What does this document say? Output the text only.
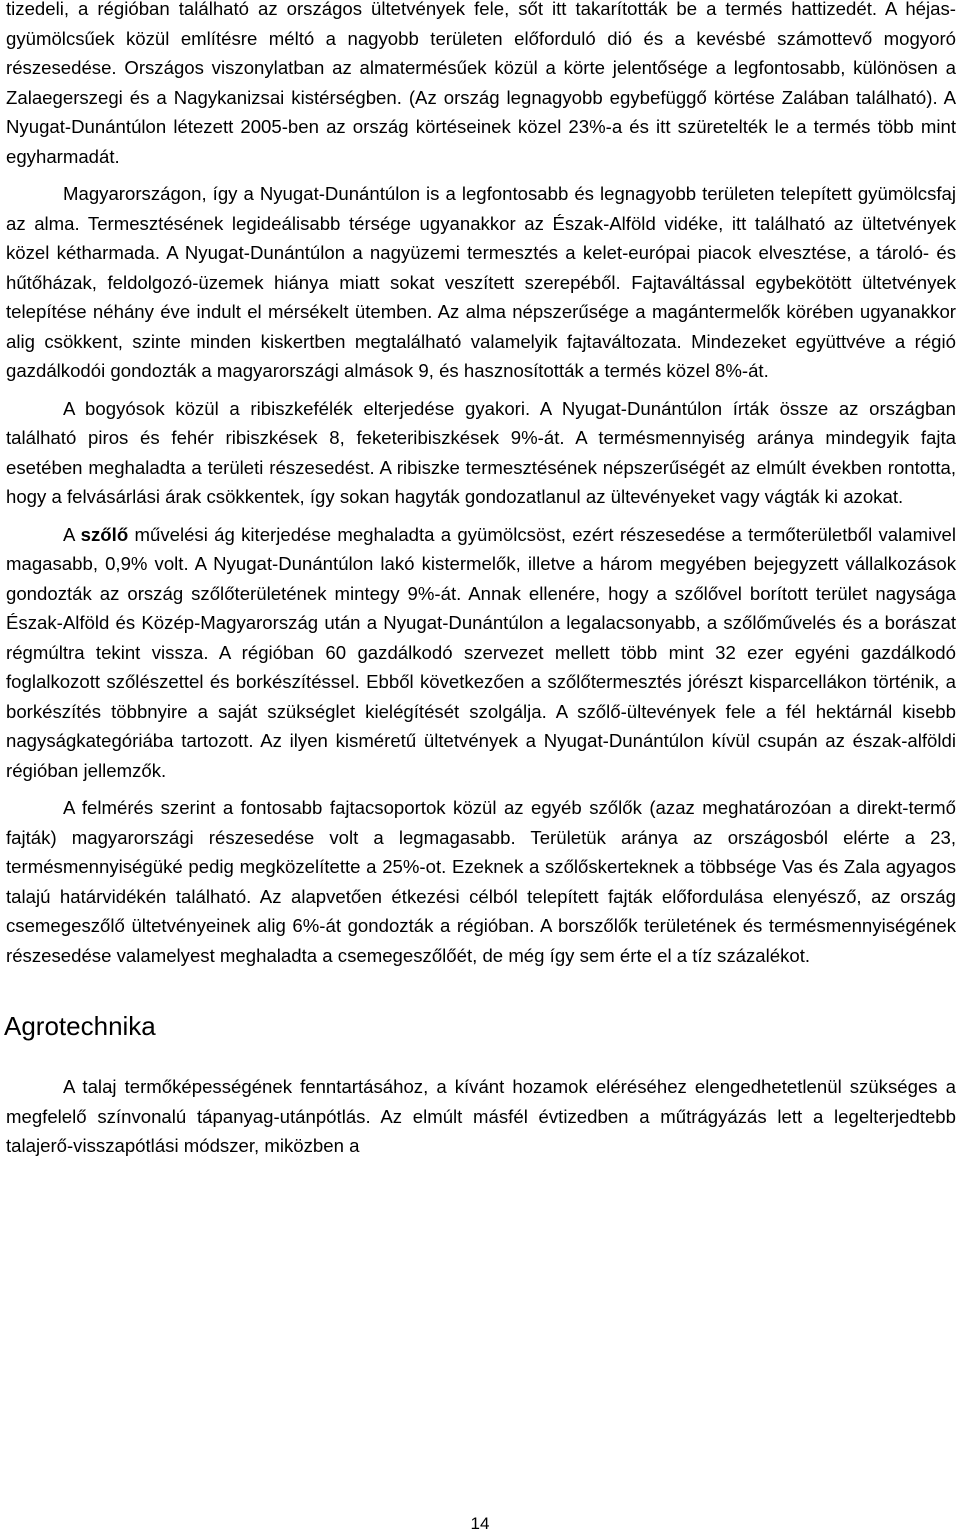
tizedeli, a régióban található az országos ültetvények fele, sőt itt takarították be a termés hattizedét. A héjas-gyümölcsűek közül említésre méltó a nagyobb területen előforduló dió és a kevésbé számottevő mogyoró részesedése. Országos viszonylatban az almatermésűek közül a körte jelentősége a legfontosabb, különösen a Zalaegerszegi és a Nagykanizsai kistérségben. (Az ország legnagyobb egybefüggő körtése Zalában található). A Nyugat-Dunántúlon létezett 2005-ben az ország körtéseinek közel 23%-a és itt szüretelték le a termés több mint egyharmadát.

Magyarországon, így a Nyugat-Dunántúlon is a legfontosabb és legnagyobb területen telepített gyümölcsfaj az alma. Termesztésének legideálisabb térsége ugyanakkor az Észak-Alföld vidéke, itt található az ültetvények közel kétharmada. A Nyugat-Dunántúlon a nagyüzemi termesztés a kelet-európai piacok elvesztése, a tároló- és hűtőházak, feldolgozó-üzemek hiánya miatt sokat veszített szerepéből. Fajtaváltással egybekötött ültetvények telepítése néhány éve indult el mérsékelt ütemben. Az alma népszerűsége a magántermelők körében ugyanakkor alig csökkent, szinte minden kiskertben megtalálható valamelyik fajtaváltozata. Mindezeket együttvéve a régió gazdálkodói gondozták a magyarországi almások 9, és hasznosították a termés közel 8%-át.

A bogyósok közül a ribiszkefélék elterjedése gyakori. A Nyugat-Dunántúlon írták össze az országban található piros és fehér ribiszkések 8, feketeribiszkések 9%-át. A termésmennyiség aránya mindegyik fajta esetében meghaladta a területi részesedést. A ribiszke termesztésének népszerűségét az elmúlt években rontotta, hogy a felvásárlási árak csökkentek, így sokan hagyták gondozatlanul az ültevényeket vagy vágták ki azokat.

A szőlő művelési ág kiterjedése meghaladta a gyümölcsöst, ezért részesedése a termőterületből valamivel magasabb, 0,9% volt. A Nyugat-Dunántúlon lakó kistermelők, illetve a három megyében bejegyzett vállalkozások gondozták az ország szőlőterületének mintegy 9%-át. Annak ellenére, hogy a szőlővel borított terület nagysága Észak-Alföld és Közép-Magyarország után a Nyugat-Dunántúlon a legalacsonyabb, a szőlőművelés és a borászat régmúltra tekint vissza. A régióban 60 gazdálkodó szervezet mellett több mint 32 ezer egyéni gazdálkodó foglalkozott szőlészettel és borkészítéssel. Ebből következően a szőlőtermesztés jórészt kisparcellákon történik, a borkészítés többnyire a saját szükséglet kielégítését szolgálja. A szőlő-ültevények fele a fél hektárnál kisebb nagyságkategóriába tartozott. Az ilyen kisméretű ültetvények a Nyugat-Dunántúlon kívül csupán az észak-alföldi régióban jellemzők.

A felmérés szerint a fontosabb fajtacsoportok közül az egyéb szőlők (azaz meghatározóan a direkt-termő fajták) magyarországi részesedése volt a legmagasabb. Területük aránya az országosból elérte a 23, termésmennyiségüké pedig megközelítette a 25%-ot. Ezeknek a szőlőskerteknek a többsége Vas és Zala agyagos talajú határvidékén található. Az alapvetően étkezési célból telepített fajták előfordulása elenyésző, az ország csemegeszőlő ültetvényeinek alig 6%-át gondozták a régióban. A borszőlők területének és termésmennyiségének részesedése valamelyest meghaladta a csemegeszőlőét, de még így sem érte el a tíz százalékot.

Agrotechnika

A talaj termőképességének fenntartásához, a kívánt hozamok eléréséhez elengedhetetlenül szükséges a megfelelő színvonalú tápanyag-utánpótlás. Az elmúlt másfél évtizedben a műtrágyázás lett a legelterjedtebb talajerő-visszapótlási módszer, miközben a

14
